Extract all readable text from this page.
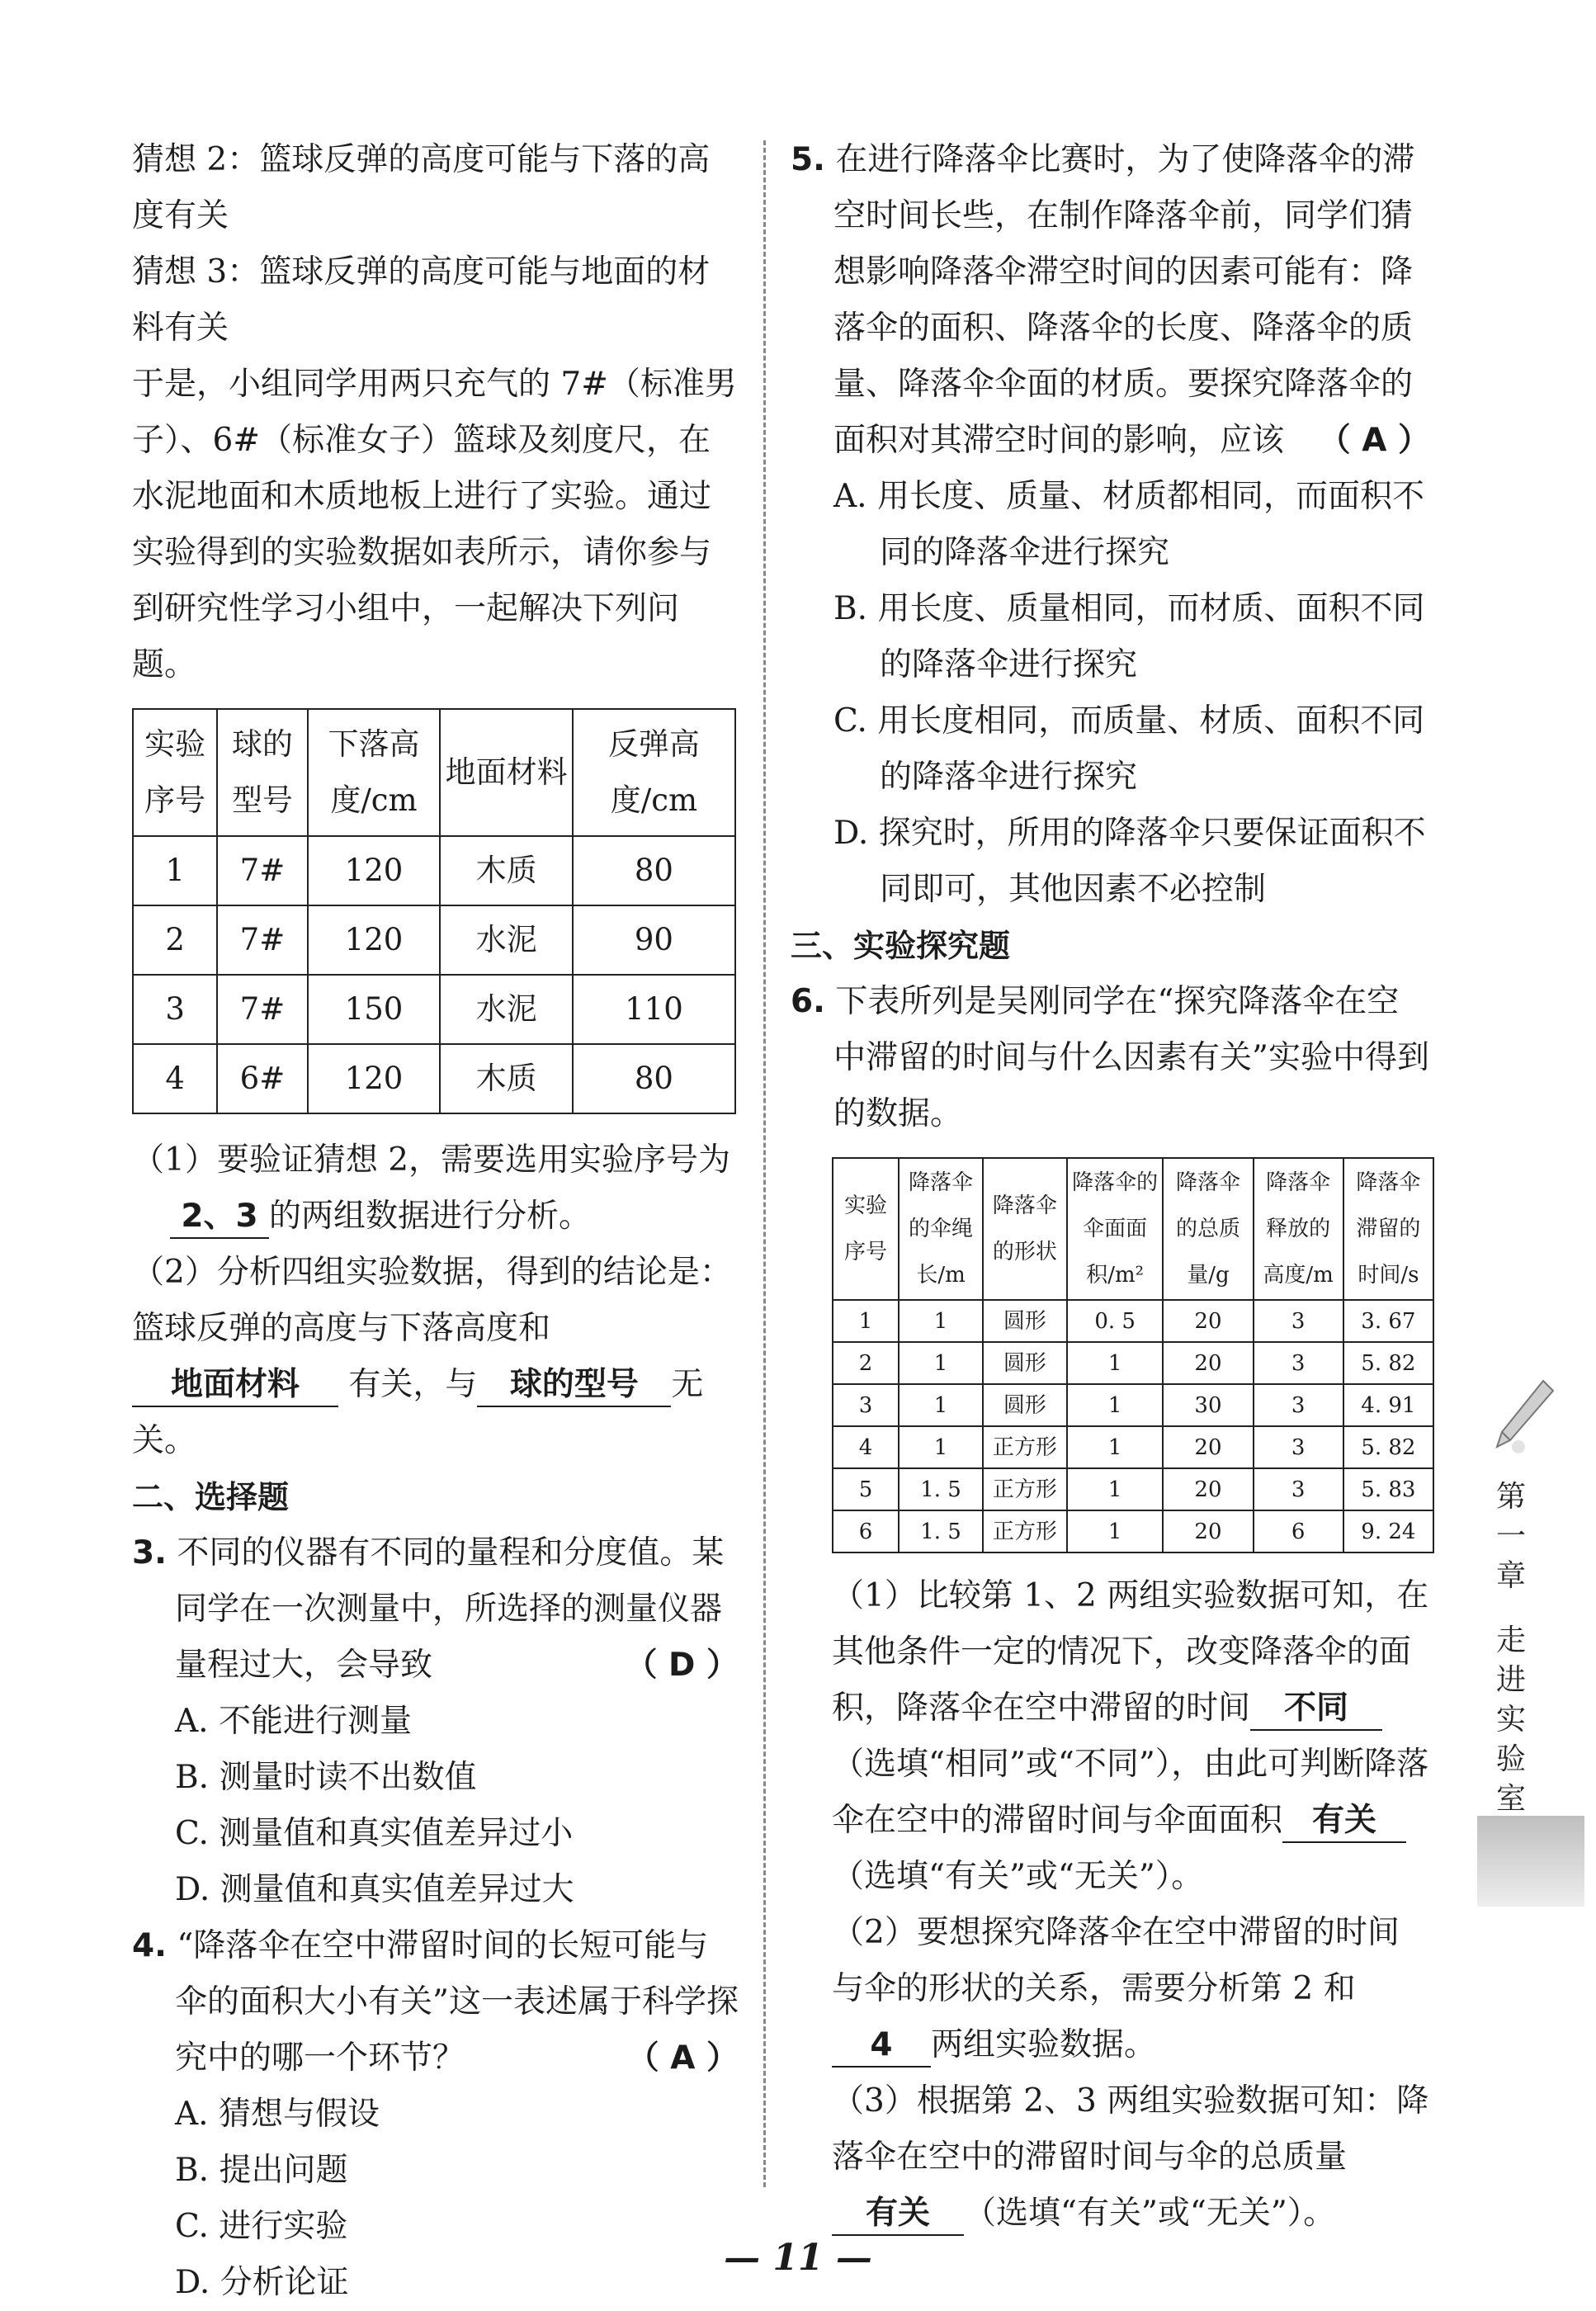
猜想 2：篮球反弹的高度可能与下落的高度有关

猜想 3：篮球反弹的高度可能与地面的材料有关

于是，小组同学用两只充气的 7#（标准男子）、6#（标准女子）篮球及刻度尺，在水泥地面和木质地板上进行了实验。通过实验得到的实验数据如表所示，请你参与到研究性学习小组中，一起解决下列问题。

实验序号	球的型号	下落高度/cm	地面材料	反弹高度/cm
1	7#	120	木质	80
2	7#	120	水泥	90
3	7#	150	水泥	110
4	6#	120	木质	80

（1）要验证猜想 2，需要选用实验序号为 2、3 的两组数据进行分析。

（2）分析四组实验数据，得到的结论是：篮球反弹的高度与下落高度和地面材料 有关，与 球的型号 无关。

二、选择题

3. 不同的仪器有不同的量程和分度值。某同学在一次测量中，所选择的测量仪器量程过大，会导致	（ D ）

A. 不能进行测量

B. 测量时读不出数值

C. 测量值和真实值差异过小

D. 测量值和真实值差异过大

4. “降落伞在空中滞留时间的长短可能与伞的面积大小有关”这一表述属于科学探究中的哪一个环节？	（ A ）

A. 猜想与假设

B. 提出问题

C. 进行实验

D. 分析论证

5. 在进行降落伞比赛时，为了使降落伞的滞空时间长些，在制作降落伞前，同学们猜想影响降落伞滞空时间的因素可能有：降落伞的面积、降落伞的长度、降落伞的质量、降落伞伞面的材质。要探究降落伞的面积对其滞空时间的影响，应该 （ A ）

A. 用长度、质量、材质都相同，而面积不同的降落伞进行探究

B. 用长度、质量相同，而材质、面积不同的降落伞进行探究

C. 用长度相同，而质量、材质、面积不同的降落伞进行探究

D. 探究时，所用的降落伞只要保证面积不同即可，其他因素不必控制

三、实验探究题

6. 下表所列是吴刚同学在“探究降落伞在空中滞留的时间与什么因素有关”实验中得到的数据。

实验序号	降落伞的伞绳长/m	降落伞的形状	降落伞的伞面面积/m²	降落伞的总质量/g	降落伞释放的高度/m	降落伞滞留的时间/s
1	1	圆形	0. 5	20	3	3. 67
2	1	圆形	1	20	3	5. 82
3	1	圆形	1	30	3	4. 91
4	1	正方形	1	20	3	5. 82
5	1. 5	正方形	1	20	3	5. 83
6	1. 5	正方形	1	20	6	9. 24

（1）比较第 1、2 两组实验数据可知，在其他条件一定的情况下，改变降落伞的面积，降落伞在空中滞留的时间 不同（选填“相同”或“不同”），由此可判断降落伞在空中的滞留时间与伞面面积 有关（选填“有关”或“无关”）。

（2）要想探究降落伞在空中滞留的时间与伞的形状的关系，需要分析第 2 和4 两组实验数据。

（3）根据第 2、3 两组实验数据可知：降落伞在空中的滞留时间与伞的总质量有关 （选填“有关”或“无关”）。

第
一
章
走
进
实
验
室
— 11 —
